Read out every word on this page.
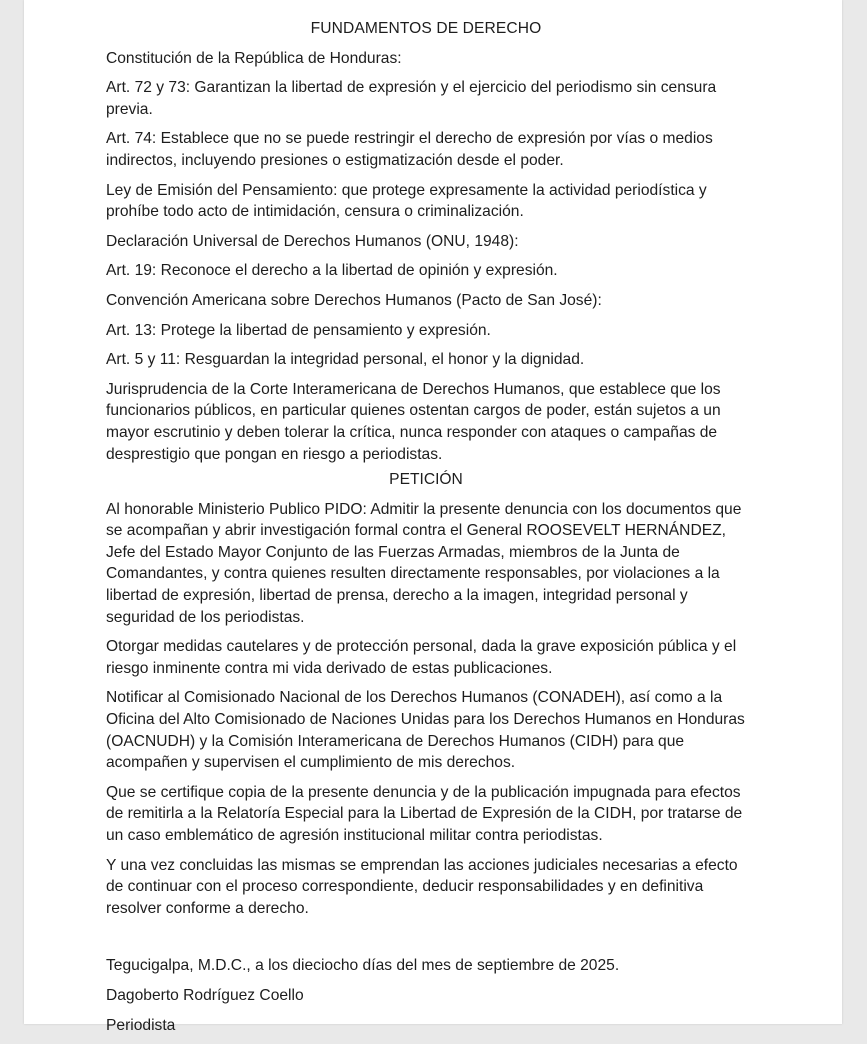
FUNDAMENTOS DE DERECHO

Constitución de la República de Honduras:

Art. 72 y 73: Garantizan la libertad de expresión y el ejercicio del periodismo sin censura previa.

Art. 74: Establece que no se puede restringir el derecho de expresión por vías o medios indirectos, incluyendo presiones o estigmatización desde el poder.

Ley de Emisión del Pensamiento: que protege expresamente la actividad periodística y prohíbe todo acto de intimidación, censura o criminalización.

Declaración Universal de Derechos Humanos (ONU, 1948):

Art. 19: Reconoce el derecho a la libertad de opinión y expresión.

Convención Americana sobre Derechos Humanos (Pacto de San José):

Art. 13: Protege la libertad de pensamiento y expresión.

Art. 5 y 11: Resguardan la integridad personal, el honor y la dignidad.

Jurisprudencia de la Corte Interamericana de Derechos Humanos, que establece que los funcionarios públicos, en particular quienes ostentan cargos de poder, están sujetos a un mayor escrutinio y deben tolerar la crítica, nunca responder con ataques o campañas de desprestigio que pongan en riesgo a periodistas.

PETICIÓN

Al honorable Ministerio Publico PIDO: Admitir la presente denuncia con los documentos que se acompañan y abrir investigación formal contra el General ROOSEVELT HERNÁNDEZ, Jefe del Estado Mayor Conjunto de las Fuerzas Armadas, miembros de la Junta de Comandantes, y contra quienes resulten directamente responsables, por violaciones a la libertad de expresión, libertad de prensa, derecho a la imagen, integridad personal y seguridad de los periodistas.

Otorgar medidas cautelares y de protección personal, dada la grave exposición pública y el riesgo inminente contra mi vida derivado de estas publicaciones.

Notificar al Comisionado Nacional de los Derechos Humanos (CONADEH), así como a la Oficina del Alto Comisionado de Naciones Unidas para los Derechos Humanos en Honduras (OACNUDH) y la Comisión Interamericana de Derechos Humanos (CIDH) para que acompañen y supervisen el cumplimiento de mis derechos.

Que se certifique copia de la presente denuncia y de la publicación impugnada para efectos de remitirla a la Relatoría Especial para la Libertad de Expresión de la CIDH, por tratarse de un caso emblemático de agresión institucional militar contra periodistas.

Y una vez concluidas las mismas se emprendan las acciones judiciales necesarias a efecto de continuar con el proceso correspondiente, deducir responsabilidades y en definitiva resolver conforme a derecho.

Tegucigalpa, M.D.C., a los dieciocho días del mes de septiembre de 2025.

Dagoberto Rodríguez Coello

Periodista
